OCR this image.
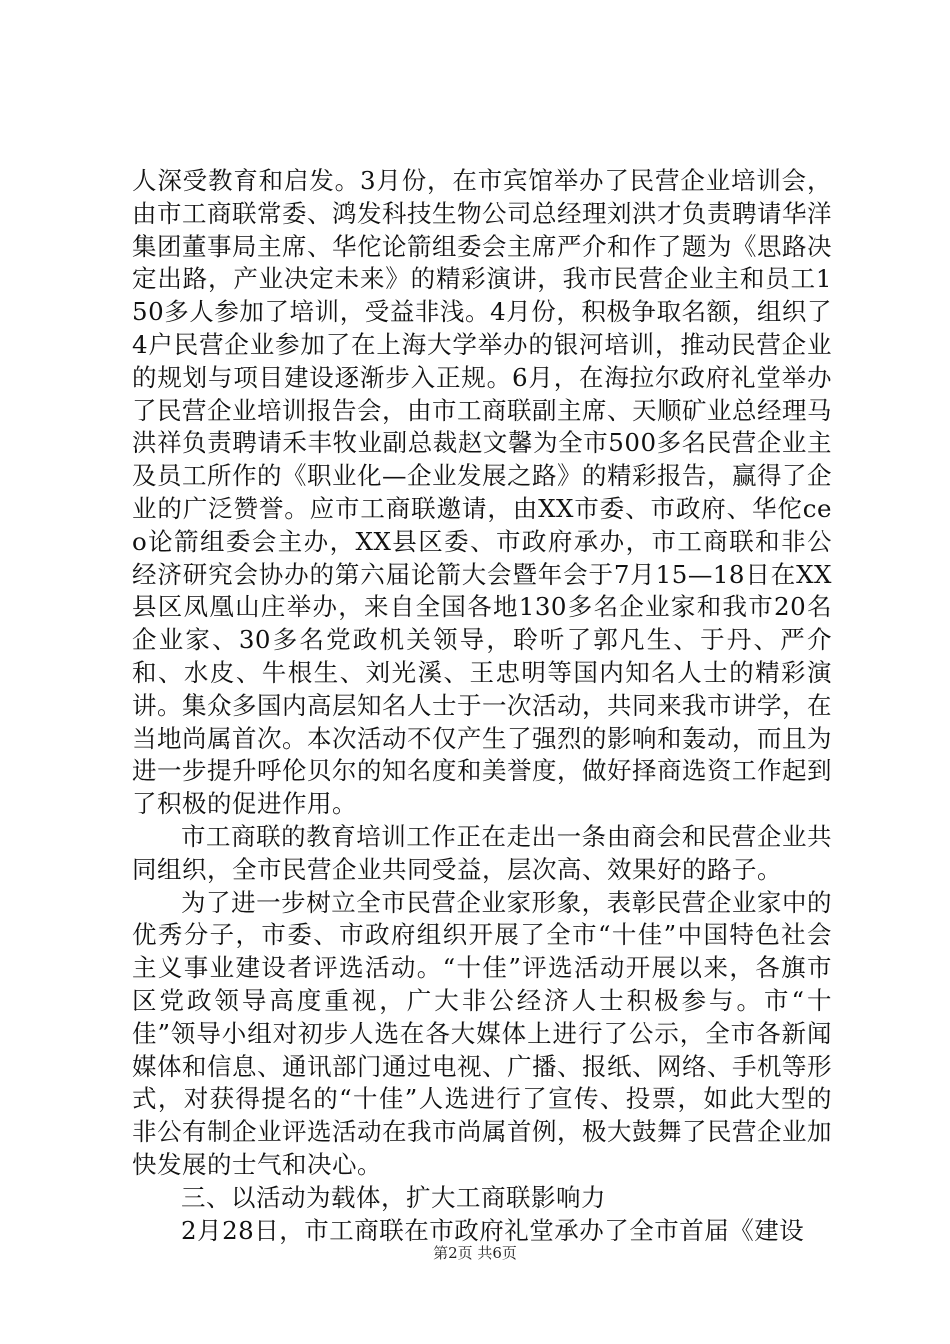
人深受教育和启发。3月份，在市宾馆举办了民营企业培训会，由市工商联常委、鸿发科技生物公司总经理刘洪才负责聘请华洋集团董事局主席、华佗论箭组委会主席严介和作了题为《思路决定出路，产业决定未来》的精彩演讲，我市民营企业主和员工150多人参加了培训，受益非浅。4月份，积极争取名额，组织了4户民营企业参加了在上海大学举办的银河培训，推动民营企业的规划与项目建设逐渐步入正规。6月，在海拉尔政府礼堂举办了民营企业培训报告会，由市工商联副主席、天顺矿业总经理马洪祥负责聘请禾丰牧业副总裁赵文馨为全市500多名民营企业主及员工所作的《职业化—企业发展之路》的精彩报告，赢得了企业的广泛赞誉。应市工商联邀请，由XX市委、市政府、华佗ceo论箭组委会主办，XX县区委、市政府承办，市工商联和非公经济研究会协办的第六届论箭大会暨年会于7月15—18日在XX县区凤凰山庄举办，来自全国各地130多名企业家和我市20名企业家、30多名党政机关领导，聆听了郭凡生、于丹、严介和、水皮、牛根生、刘光溪、王忠明等国内知名人士的精彩演讲。集众多国内高层知名人士于一次活动，共同来我市讲学，在当地尚属首次。本次活动不仅产生了强烈的影响和轰动，而且为进一步提升呼伦贝尔的知名度和美誉度，做好择商选资工作起到了积极的促进作用。

市工商联的教育培训工作正在走出一条由商会和民营企业共同组织，全市民营企业共同受益，层次高、效果好的路子。

为了进一步树立全市民营企业家形象，表彰民营企业家中的优秀分子，市委、市政府组织开展了全市“十佳”中国特色社会主义事业建设者评选活动。“十佳”评选活动开展以来，各旗市区党政领导高度重视，广大非公经济人士积极参与。市“十佳”领导小组对初步人选在各大媒体上进行了公示，全市各新闻媒体和信息、通讯部门通过电视、广播、报纸、网络、手机等形式，对获得提名的“十佳”人选进行了宣传、投票，如此大型的非公有制企业评选活动在我市尚属首例，极大鼓舞了民营企业加快发展的士气和决心。

三、以活动为载体，扩大工商联影响力

2月28日，市工商联在市政府礼堂承办了全市首届《建设

第2页 共6页
